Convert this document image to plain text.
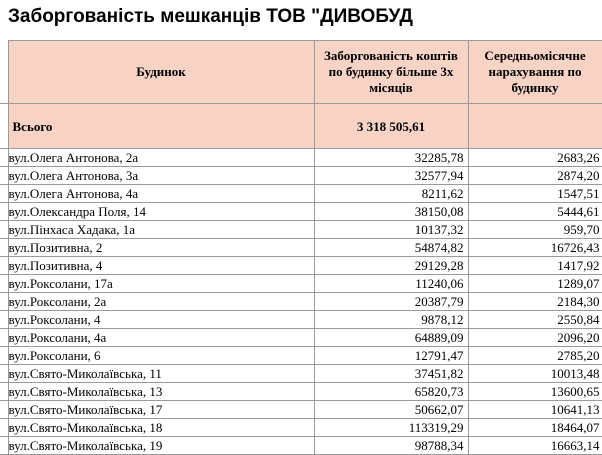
Заборгованість мешканців ТОВ "ДИВОБУД
	Будинок	Заборгованість коштів по будинку більше 3х місяців	Середньомісячне нарахування по будинку
	Всього	3 318 505,61	
	вул.Олега Антонова, 2а	32285,78	2683,26
	вул.Олега Антонова, 3а	32577,94	2874,20
	вул.Олега Антонова, 4а	8211,62	1547,51
	вул.Олександра Поля, 14	38150,08	5444,61
	вул.Пінхаса Хадака, 1а	10137,32	959,70
	вул.Позитивна, 2	54874,82	16726,43
	вул.Позитивна, 4	29129,28	1417,92
	вул.Роксолани, 17а	11240,06	1289,07
	вул.Роксолани, 2а	20387,79	2184,30
	вул.Роксолани, 4	9878,12	2550,84
	вул.Роксолани, 4а	64889,09	2096,20
	вул.Роксолани, 6	12791,47	2785,20
	вул.Свято-Миколаївська, 11	37451,82	10013,48
	вул.Свято-Миколаївська, 13	65820,73	13600,65
	вул.Свято-Миколаївська, 17	50662,07	10641,13
	вул.Свято-Миколаївська, 18	113319,29	18464,07
	вул.Свято-Миколаївська, 19	98788,34	16663,14
